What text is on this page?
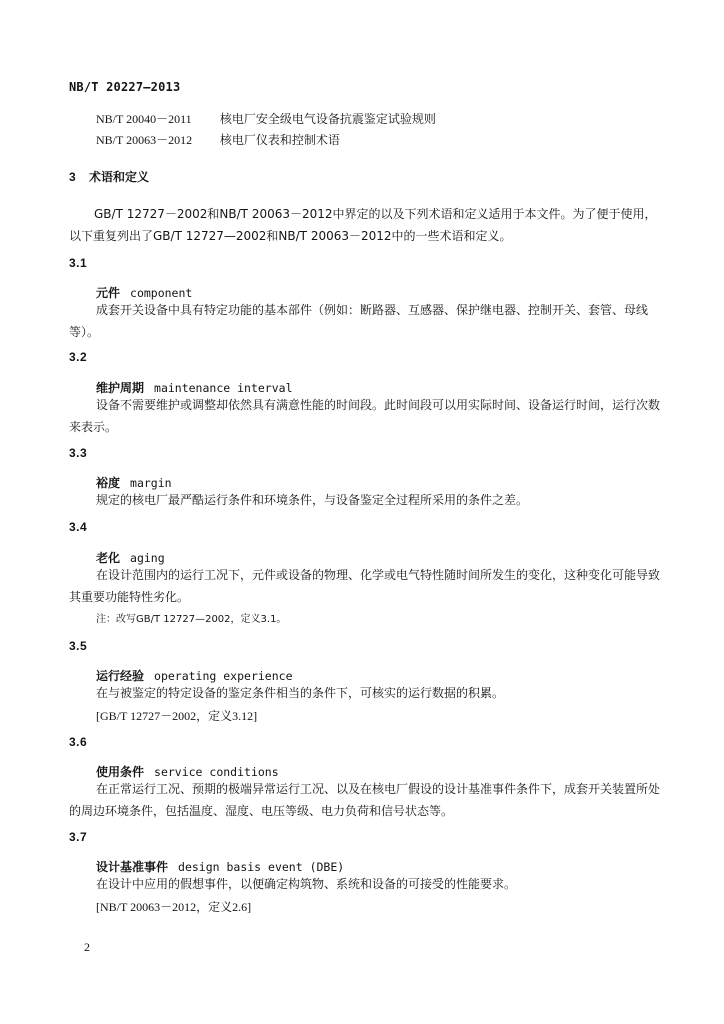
NB/T 20227—2013
NB/T 20040－2011 核电厂安全级电气设备抗震鉴定试验规则
NB/T 20063－2012 核电厂仪表和控制术语
3 术语和定义
GB/T 12727－2002和NB/T 20063－2012中界定的以及下列术语和定义适用于本文件。为了便于使用，以下重复列出了GB/T 12727—2002和NB/T 20063－2012中的一些术语和定义。
3.1
元件 component
成套开关设备中具有特定功能的基本部件（例如：断路器、互感器、保护继电器、控制开关、套管、母线等）。
3.2
维护周期 maintenance interval
设备不需要维护或调整却依然具有满意性能的时间段。此时间段可以用实际时间、设备运行时间，运行次数来表示。
3.3
裕度 margin
规定的核电厂最严酷运行条件和环境条件，与设备鉴定全过程所采用的条件之差。
3.4
老化 aging
在设计范围内的运行工况下，元件或设备的物理、化学或电气特性随时间所发生的变化，这种变化可能导致其重要功能特性劣化。
注：改写GB/T 12727—2002，定义3.1。
3.5
运行经验 operating experience
在与被鉴定的特定设备的鉴定条件相当的条件下，可核实的运行数据的积累。
[GB/T 12727－2002，定义3.12]
3.6
使用条件 service conditions
在正常运行工况、预期的极端异常运行工况、以及在核电厂假设的设计基准事件条件下，成套开关装置所处的周边环境条件，包括温度、湿度、电压等级、电力负荷和信号状态等。
3.7
设计基准事件 design basis event (DBE)
在设计中应用的假想事件，以便确定构筑物、系统和设备的可接受的性能要求。
[NB/T 20063－2012，定义2.6]
2
